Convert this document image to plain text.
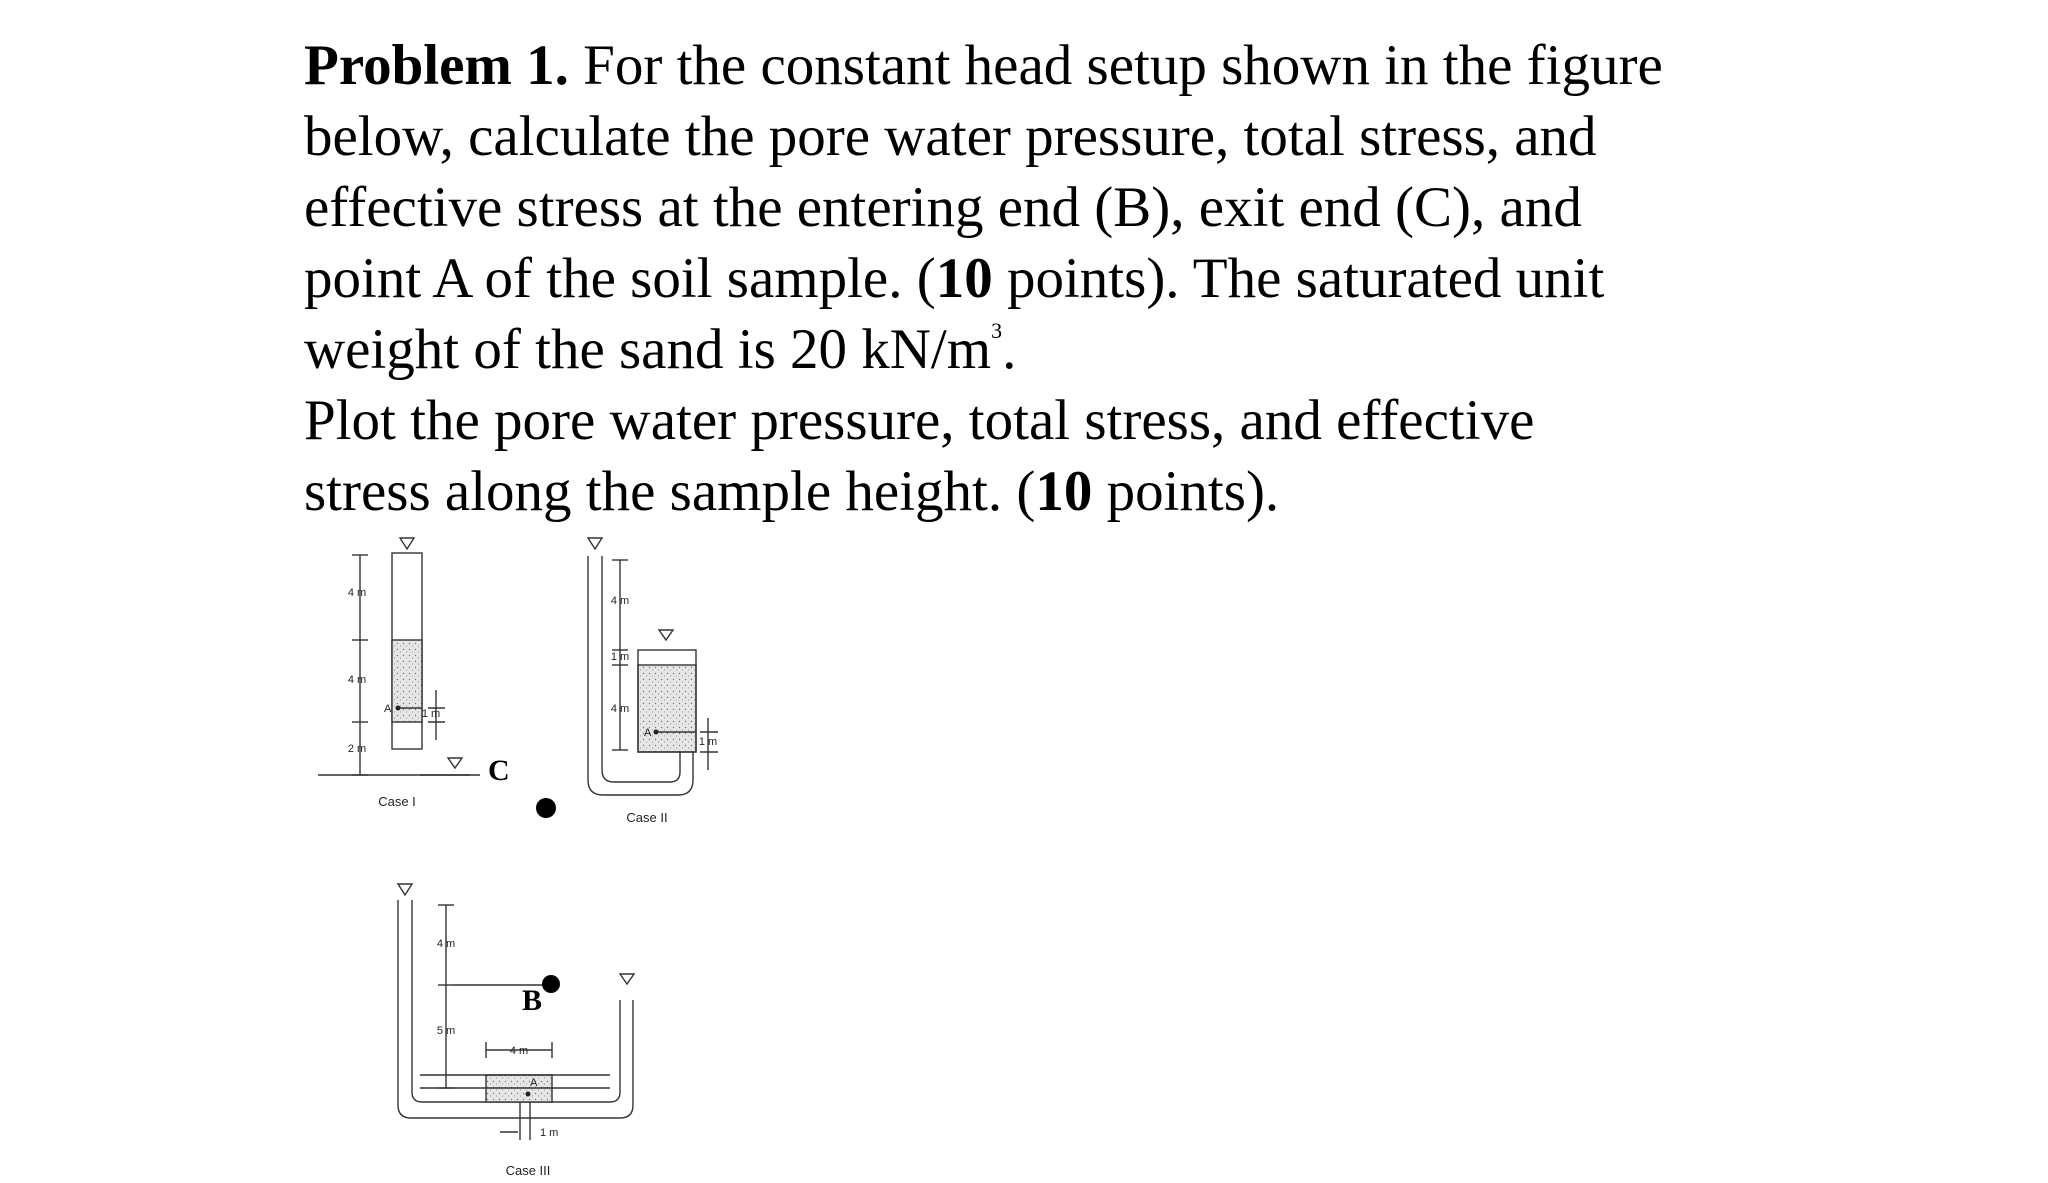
Problem 1. For the constant head setup shown in the figure

below, calculate the pore water pressure, total stress, and

effective stress at the entering end (B), exit end (C), and

point A of the soil sample. (10 points). The saturated unit

weight of the sand is 20 $kN/m^3$.

Plot the pore water pressure, total stress, and effective

stress along the sample height. (10 points).

4 m
4 m
2 m
1 m
A
C
Case I
4 m
1 m
4 m
1 m
A
Case II
4 m
5 m
4 m
1 m
A
B
Case III
